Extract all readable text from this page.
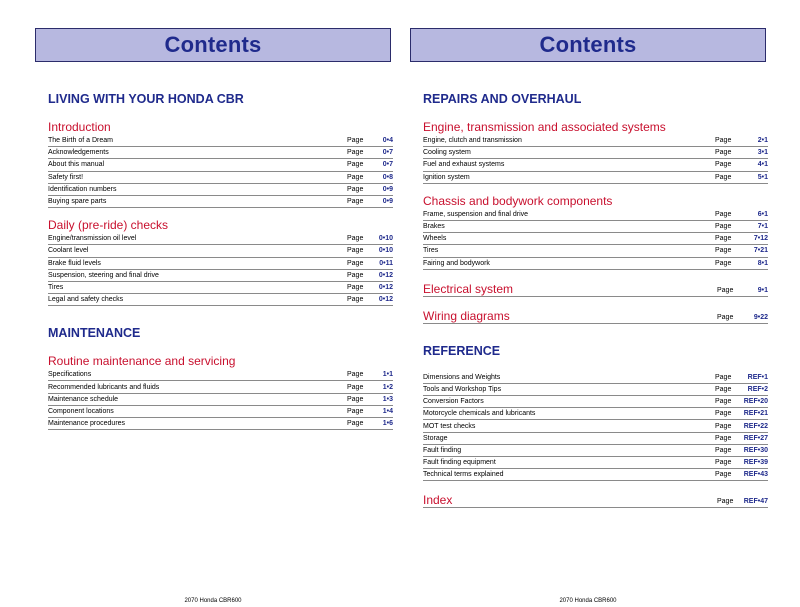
Contents
LIVING WITH YOUR HONDA CBR
Introduction
The Birth of a Dream	Page	0•4
Acknowledgements	Page	0•7
About this manual	Page	0•7
Safety first!	Page	0•8
Identification numbers	Page	0•9
Buying spare parts	Page	0•9
Daily (pre-ride) checks
Engine/transmission oil level	Page	0•10
Coolant level	Page	0•10
Brake fluid levels	Page	0•11
Suspension, steering and final drive	Page	0•12
Tires	Page	0•12
Legal and safety checks	Page	0•12
MAINTENANCE
Routine maintenance and servicing
Specifications	Page	1•1
Recommended lubricants and fluids	Page	1•2
Maintenance schedule	Page	1•3
Component locations	Page	1•4
Maintenance procedures	Page	1•6
2070 Honda CBR600
Contents
REPAIRS AND OVERHAUL
Engine, transmission and associated systems
Engine, clutch and transmission	Page	2•1
Cooling system	Page	3•1
Fuel and exhaust systems	Page	4•1
Ignition system	Page	5•1
Chassis and bodywork components
Frame, suspension and final drive	Page	6•1
Brakes	Page	7•1
Wheels	Page	7•12
Tires	Page	7•21
Fairing and bodywork	Page	8•1
Electrical system	Page	9•1
Wiring diagrams	Page	9•22
REFERENCE
Dimensions and Weights	Page	REF•1
Tools and Workshop Tips	Page	REF•2
Conversion Factors	Page	REF•20
Motorcycle chemicals and lubricants	Page	REF•21
MOT test checks	Page	REF•22
Storage	Page	REF•27
Fault finding	Page	REF•30
Fault finding equipment	Page	REF•39
Technical terms explained	Page	REF•43
Index	Page	REF•47
2070 Honda CBR600
